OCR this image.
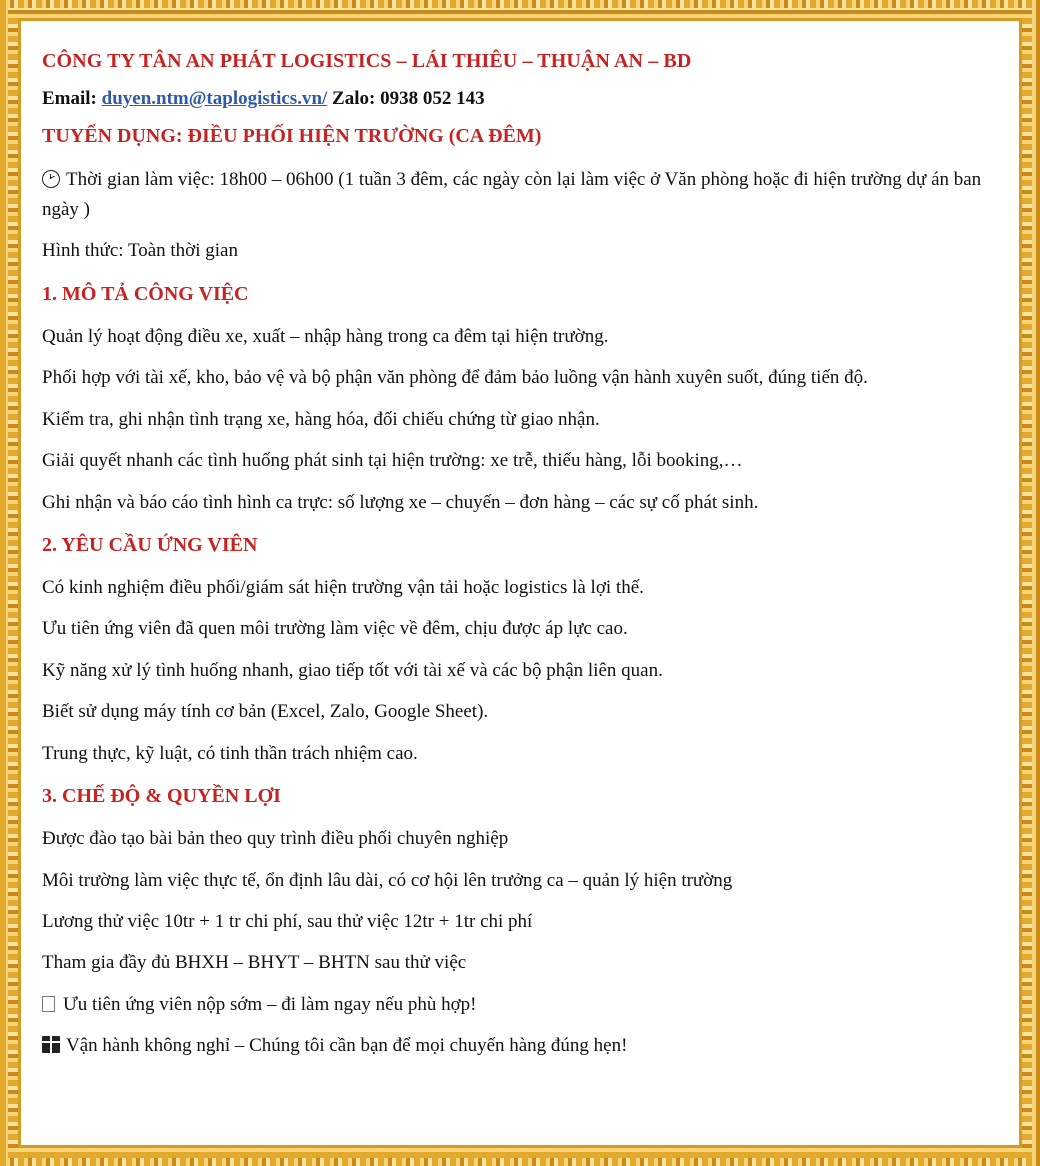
CÔNG TY TÂN AN PHÁT LOGISTICS – LÁI THIÊU – THUẬN AN – BD
Email: duyen.ntm@taplogistics.vn/ Zalo: 0938 052 143
TUYỂN DỤNG: ĐIỀU PHỐI HIỆN TRƯỜNG (CA ĐÊM)
Thời gian làm việc: 18h00 – 06h00 (1 tuần 3 đêm, các ngày còn lại làm việc ở Văn phòng hoặc đi hiện trường dự án ban ngày )
Hình thức: Toàn thời gian
1. MÔ TẢ CÔNG VIỆC
Quản lý hoạt động điều xe, xuất – nhập hàng trong ca đêm tại hiện trường.
Phối hợp với tài xế, kho, bảo vệ và bộ phận văn phòng để đảm bảo luồng vận hành xuyên suốt, đúng tiến độ.
Kiểm tra, ghi nhận tình trạng xe, hàng hóa, đối chiếu chứng từ giao nhận.
Giải quyết nhanh các tình huống phát sinh tại hiện trường: xe trễ, thiếu hàng, lỗi booking,…
Ghi nhận và báo cáo tình hình ca trực: số lượng xe – chuyến – đơn hàng – các sự cố phát sinh.
2. YÊU CẦU ỨNG VIÊN
Có kinh nghiệm điều phối/giám sát hiện trường vận tải hoặc logistics là lợi thế.
Ưu tiên ứng viên đã quen môi trường làm việc về đêm, chịu được áp lực cao.
Kỹ năng xử lý tình huống nhanh, giao tiếp tốt với tài xế và các bộ phận liên quan.
Biết sử dụng máy tính cơ bản (Excel, Zalo, Google Sheet).
Trung thực, kỹ luật, có tinh thần trách nhiệm cao.
3. CHẾ ĐỘ & QUYỀN LỢI
Được đào tạo bài bản theo quy trình điều phối chuyên nghiệp
Môi trường làm việc thực tế, ổn định lâu dài, có cơ hội lên trưởng ca – quản lý hiện trường
Lương thử việc 10tr + 1 tr chi phí, sau thử việc 12tr + 1tr chi phí
Tham gia đầy đủ BHXH – BHYT – BHTN sau thử việc
Ưu tiên ứng viên nộp sớm – đi làm ngay nếu phù hợp!
Vận hành không nghỉ – Chúng tôi cần bạn để mọi chuyến hàng đúng hẹn!
